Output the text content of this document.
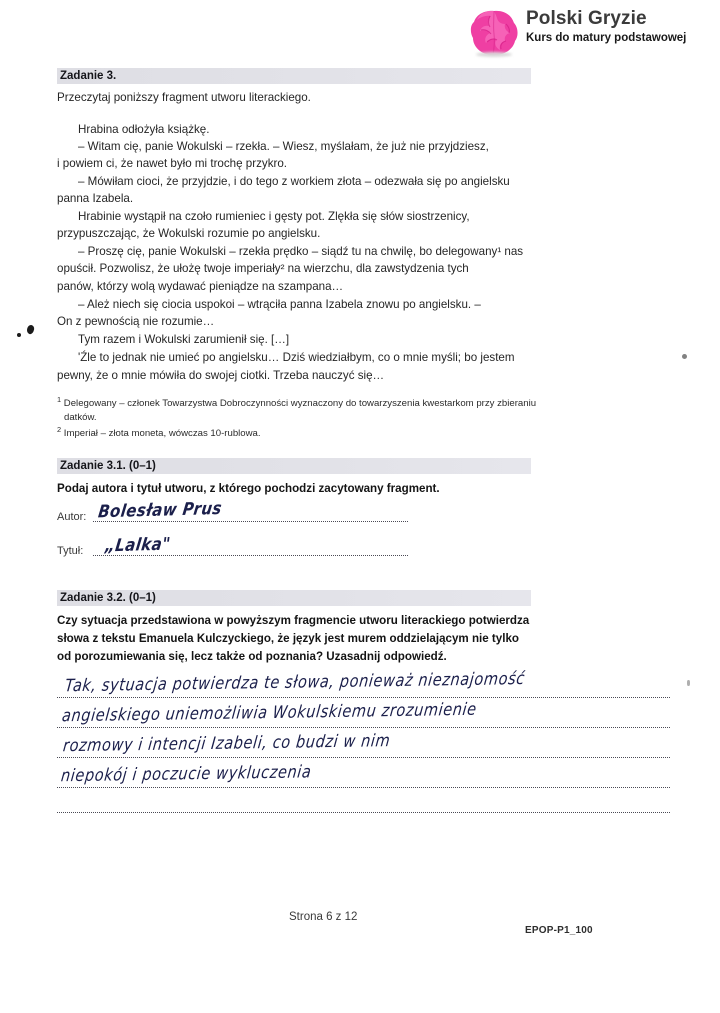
Polski Gryzie
Kurs do matury podstawowej
Zadanie 3.
Przeczytaj poniższy fragment utworu literackiego.
Hrabina odłożyła książkę.
– Witam cię, panie Wokulski – rzekła. – Wiesz, myślałam, że już nie przyjdziesz,
i powiem ci, że nawet było mi trochę przykro.
– Mówiłam cioci, że przyjdzie, i do tego z workiem złota – odezwała się po angielsku
panna Izabela.
Hrabinie wystąpił na czoło rumieniec i gęsty pot. Zlękła się słów siostrzenicy,
przypuszczając, że Wokulski rozumie po angielsku.
– Proszę cię, panie Wokulski – rzekła prędko – siądź tu na chwilę, bo delegowany¹ nas
opuścił. Pozwolisz, że ułożę twoje imperiały² na wierzchu, dla zawstydzenia tych
panów, którzy wolą wydawać pieniądze na szampana…
– Ależ niech się ciocia uspokoi – wtrąciła panna Izabela znowu po angielsku. –
On z pewnością nie rozumie…
Tym razem i Wokulski zarumienił się. […]
'Źle to jednak nie umieć po angielsku… Dziś wiedziałbym, co o mnie myśli; bo jestem
pewny, że o mnie mówiła do swojej ciotki. Trzeba nauczyć się…
$^1$ Delegowany – członek Towarzystwa Dobroczynności wyznaczony do towarzyszenia kwestarkom przy zbieraniu
datków.
$^2$ Imperiał – złota moneta, wówczas 10-rublowa.
Zadanie 3.1. (0–1)
Podaj autora i tytuł utworu, z którego pochodzi zacytowany fragment.
Autor: Bolesław Prus
Tytuł: „Lalka"
Zadanie 3.2. (0–1)
Czy sytuacja przedstawiona w powyższym fragmencie utworu literackiego potwierdza
słowa z tekstu Emanuela Kulczyckiego, że język jest murem oddzielającym nie tylko
od porozumiewania się, lecz także od poznania? Uzasadnij odpowiedź.
Tak, sytuacja potwierdza te słowa, ponieważ nieznajomość
angielskiego uniemożliwia Wokulskiemu zrozumienie
rozmowy i intencji Izabeli, co budzi w nim
niepokój i poczucie wykluczenia
Strona 6 z 12
EPOP-P1_100
